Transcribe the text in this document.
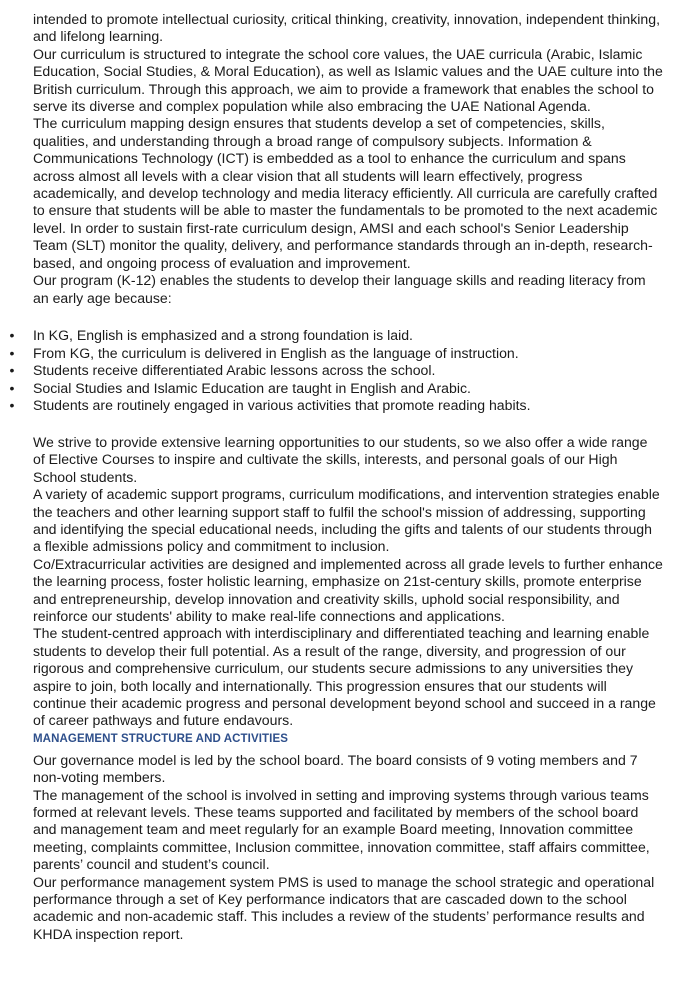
intended to promote intellectual curiosity, critical thinking, creativity, innovation, independent thinking, and lifelong learning.

Our curriculum is structured to integrate the school core values, the UAE curricula (Arabic, Islamic Education, Social Studies, & Moral Education), as well as Islamic values and the UAE culture into the British curriculum. Through this approach, we aim to provide a framework that enables the school to serve its diverse and complex population while also embracing the UAE National Agenda.

The curriculum mapping design ensures that students develop a set of competencies, skills, qualities, and understanding through a broad range of compulsory subjects. Information & Communications Technology (ICT) is embedded as a tool to enhance the curriculum and spans across almost all levels with a clear vision that all students will learn effectively, progress academically, and develop technology and media literacy efficiently. All curricula are carefully crafted to ensure that students will be able to master the fundamentals to be promoted to the next academic level. In order to sustain first-rate curriculum design, AMSI and each school's Senior Leadership Team (SLT) monitor the quality, delivery, and performance standards through an in-depth, research-based, and ongoing process of evaluation and improvement.

Our program (K-12) enables the students to develop their language skills and reading literacy from an early age because:

• In KG, English is emphasized and a strong foundation is laid.
• From KG, the curriculum is delivered in English as the language of instruction.
• Students receive differentiated Arabic lessons across the school.
• Social Studies and Islamic Education are taught in English and Arabic.
• Students are routinely engaged in various activities that promote reading habits.

We strive to provide extensive learning opportunities to our students, so we also offer a wide range of Elective Courses to inspire and cultivate the skills, interests, and personal goals of our High School students.

A variety of academic support programs, curriculum modifications, and intervention strategies enable the teachers and other learning support staff to fulfil the school's mission of addressing, supporting and identifying the special educational needs, including the gifts and talents of our students through a flexible admissions policy and commitment to inclusion.

Co/Extracurricular activities are designed and implemented across all grade levels to further enhance the learning process, foster holistic learning, emphasize on 21st-century skills, promote enterprise and entrepreneurship, develop innovation and creativity skills, uphold social responsibility, and reinforce our students' ability to make real-life connections and applications.

The student-centred approach with interdisciplinary and differentiated teaching and learning enable students to develop their full potential. As a result of the range, diversity, and progression of our rigorous and comprehensive curriculum, our students secure admissions to any universities they aspire to join, both locally and internationally. This progression ensures that our students will continue their academic progress and personal development beyond school and succeed in a range of career pathways and future endavours.

MANAGEMENT STRUCTURE AND ACTIVITIES

Our governance model is led by the school board. The board consists of 9 voting members and 7 non-voting members.

The management of the school is involved in setting and improving systems through various teams formed at relevant levels. These teams supported and facilitated by members of the school board and management team and meet regularly for an example Board meeting, Innovation committee meeting, complaints committee, Inclusion committee, innovation committee, staff affairs committee, parents’ council and student’s council.

Our performance management system PMS is used to manage the school strategic and operational performance through a set of Key performance indicators that are cascaded down to the school academic and non-academic staff. This includes a review of the students’ performance results and KHDA inspection report.
